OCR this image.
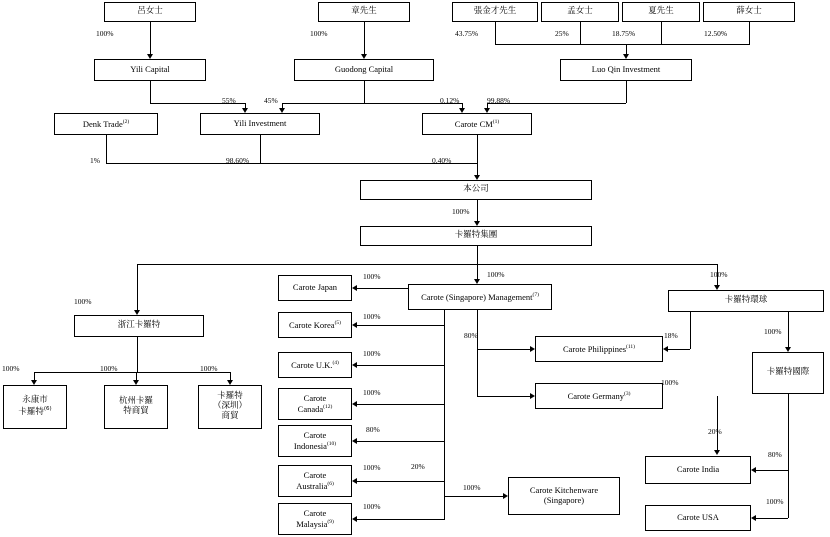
呂女士	章先生	張金才先生	孟女士	夏先生	薛女士
Yili Capital	Guodong Capital	Luo Qin Investment
Denk Trade$^{(2)}$	Yili Investment	Carote CM$^{(1)}$
本公司
卡羅特集團
浙江卡羅特
永康市
卡羅特$^{(6)}$
杭州卡羅
特商貿
卡羅特
（深圳）
商貿
Carote Japan
Carote Korea$^{(5)}$
Carote U.K.$^{(4)}$
Carote
Canada$^{(12)}$
Carote
Indonesia$^{(10)}$
Carote
Australia$^{(6)}$
Carote
Malaysia$^{(9)}$
Carote (Singapore) Management$^{(7)}$
Carote Philippines$^{(11)}$
Carote Germany$^{(3)}$
Carote Kitchenware
(Singapore)
卡羅特環球
卡羅特國際
Carote India
Carote USA
100%	100%	43.75%	25%	18.75%	12.50%
55%	45%	0.12%	99.88%
1%	98.60%	0.40%
100%
100%
100%	100%
100%	100%	100%
100%
100%
100%
100%
80%
100%
100%
80%	18%
100%
20%
100%
100%
20%
80%
100%
